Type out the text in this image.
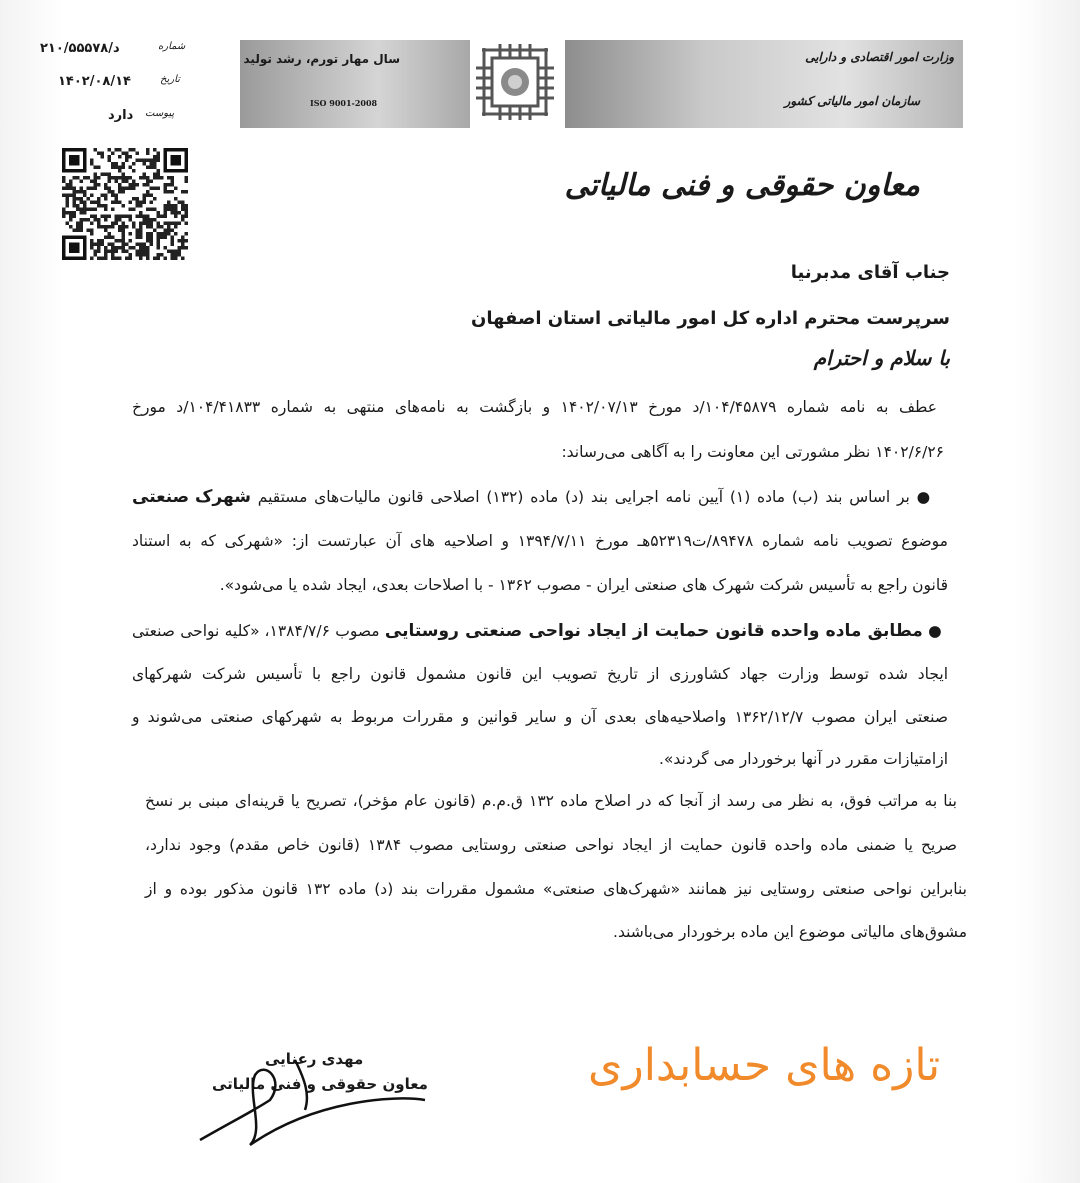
وزارت امور اقتصادی و دارایی
سازمان امور مالیاتی کشور
سال مهار تورم، رشد تولید
ISO 9001-2008
د/۲۱۰/۵۵۵۷۸	شماره
۱۴۰۲/۰۸/۱۴	تاریخ
دارد پیوست
معاون حقوقی و فنی مالیاتی
جناب آقای مدبرنیا
سرپرست محترم اداره کل امور مالیاتی استان اصفهان
با سلام و احترام
عطف به نامه شماره ۱۰۴/۴۵۸۷۹/د مورخ ۱۴۰۲/۰۷/۱۳ و بازگشت به نامه‌های منتهی به شماره ۱۰۴/۴۱۸۳۳/د مورخ
۱۴۰۲/۶/۲۶ نظر مشورتی این معاونت را به آگاهی می‌رساند:
● بر اساس بند (ب) ماده (۱) آیین نامه اجرایی بند (د) ماده (۱۳۲) اصلاحی قانون مالیات‌های مستقیم شهرک صنعتی
موضوع تصویب نامه شماره ۸۹۴۷۸/ت۵۲۳۱۹هـ مورخ ۱۳۹۴/۷/۱۱ و اصلاحیه های آن عبارتست از: «شهرکی که به استناد
قانون راجع به تأسیس شرکت شهرک های صنعتی ایران - مصوب ۱۳۶۲ - با اصلاحات بعدی، ایجاد شده یا می‌شود».
● مطابق ماده واحده قانون حمایت از ایجاد نواحی صنعتی روستایی مصوب ۱۳۸۴/۷/۶، «کلیه نواحی صنعتی
ایجاد شده توسط وزارت جهاد کشاورزی از تاریخ تصویب این قانون مشمول قانون راجع با تأسیس شرکت شهرکهای
صنعتی ایران مصوب ۱۳۶۲/۱۲/۷ واصلاحیه‌های بعدی آن و سایر قوانین و مقررات مربوط به شهرکهای صنعتی می‌شوند و
ازامتیازات مقرر در آنها برخوردار می گردند».
بنا به مراتب فوق، به نظر می رسد از آنجا که در اصلاح ماده ۱۳۲ ق.م.م (قانون عام مؤخر)، تصریح یا قرینه‌ای مبنی بر نسخ
صریح یا ضمنی ماده واحده قانون حمایت از ایجاد نواحی صنعتی روستایی مصوب ۱۳۸۴ (قانون خاص مقدم) وجود ندارد،
بنابراین نواحی صنعتی روستایی نیز همانند «شهرک‌های صنعتی» مشمول مقررات بند (د) ماده ۱۳۲ قانون مذکور بوده و از
مشوق‌های مالیاتی موضوع این ماده برخوردار می‌باشند.
مهدی رعنایی
معاون حقوقی و فنی مالیاتی	تازه های حسابداری
